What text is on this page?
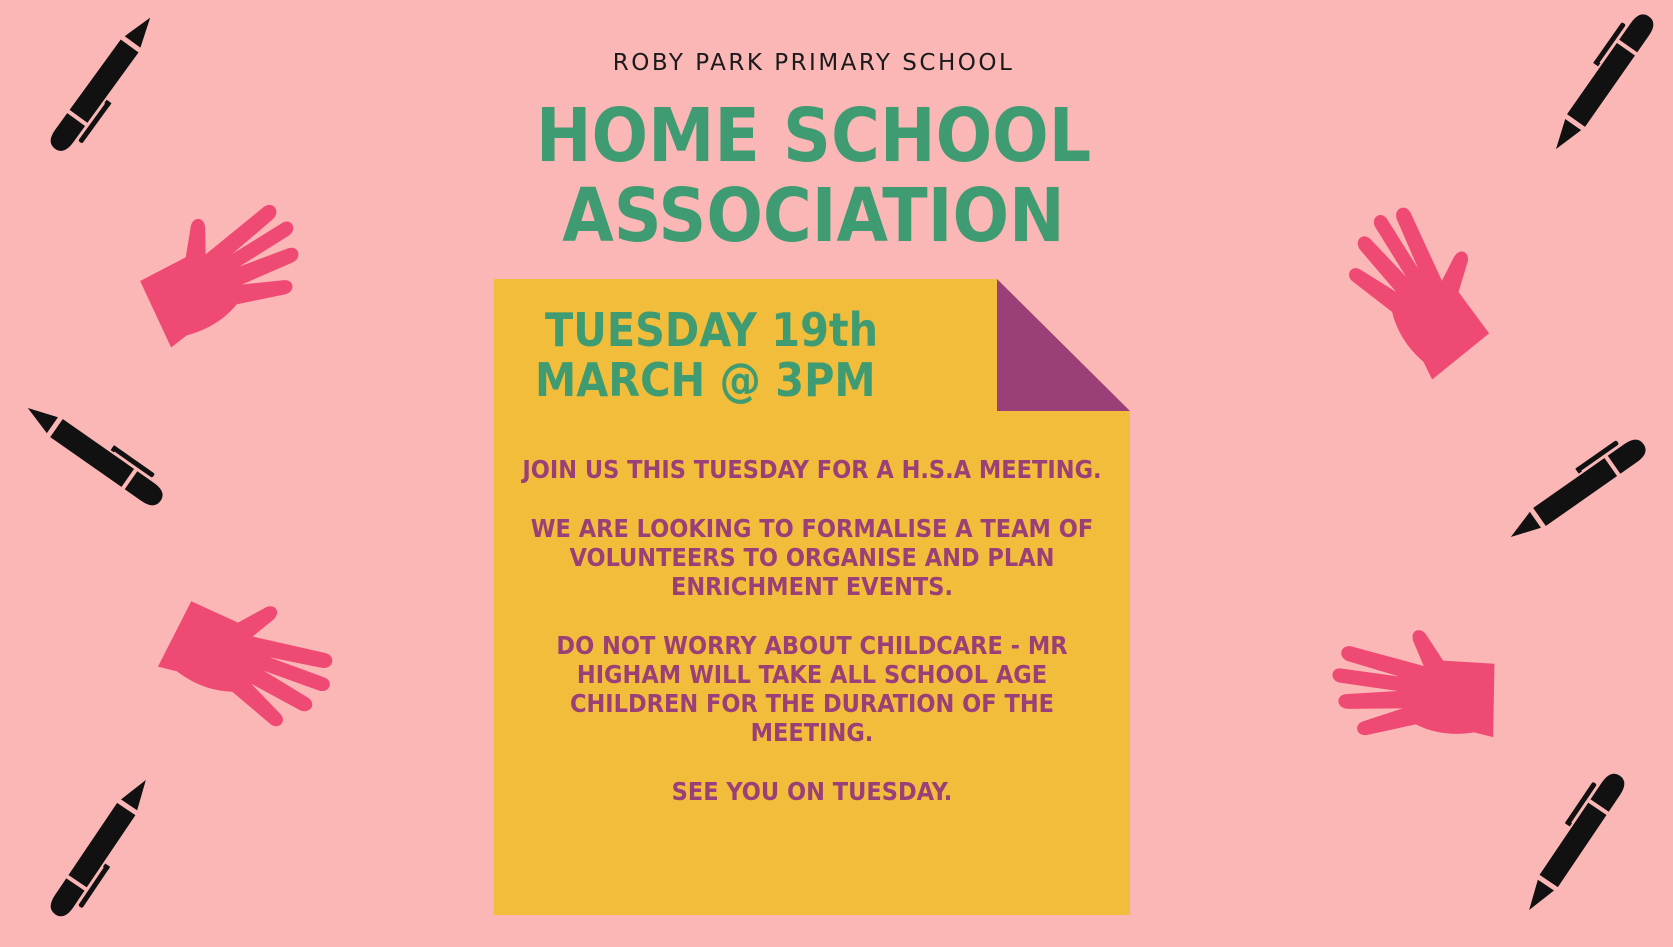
ROBY PARK PRIMARY SCHOOL
HOME SCHOOL
ASSOCIATION
TUESDAY 19th
MARCH @ 3PM

JOIN US THIS TUESDAY FOR A H.S.A MEETING.

WE ARE LOOKING TO FORMALISE A TEAM OF VOLUNTEERS TO ORGANISE AND PLAN ENRICHMENT EVENTS.

DO NOT WORRY ABOUT CHILDCARE - MR HIGHAM WILL TAKE ALL SCHOOL AGE CHILDREN FOR THE DURATION OF THE MEETING.

SEE YOU ON TUESDAY.
